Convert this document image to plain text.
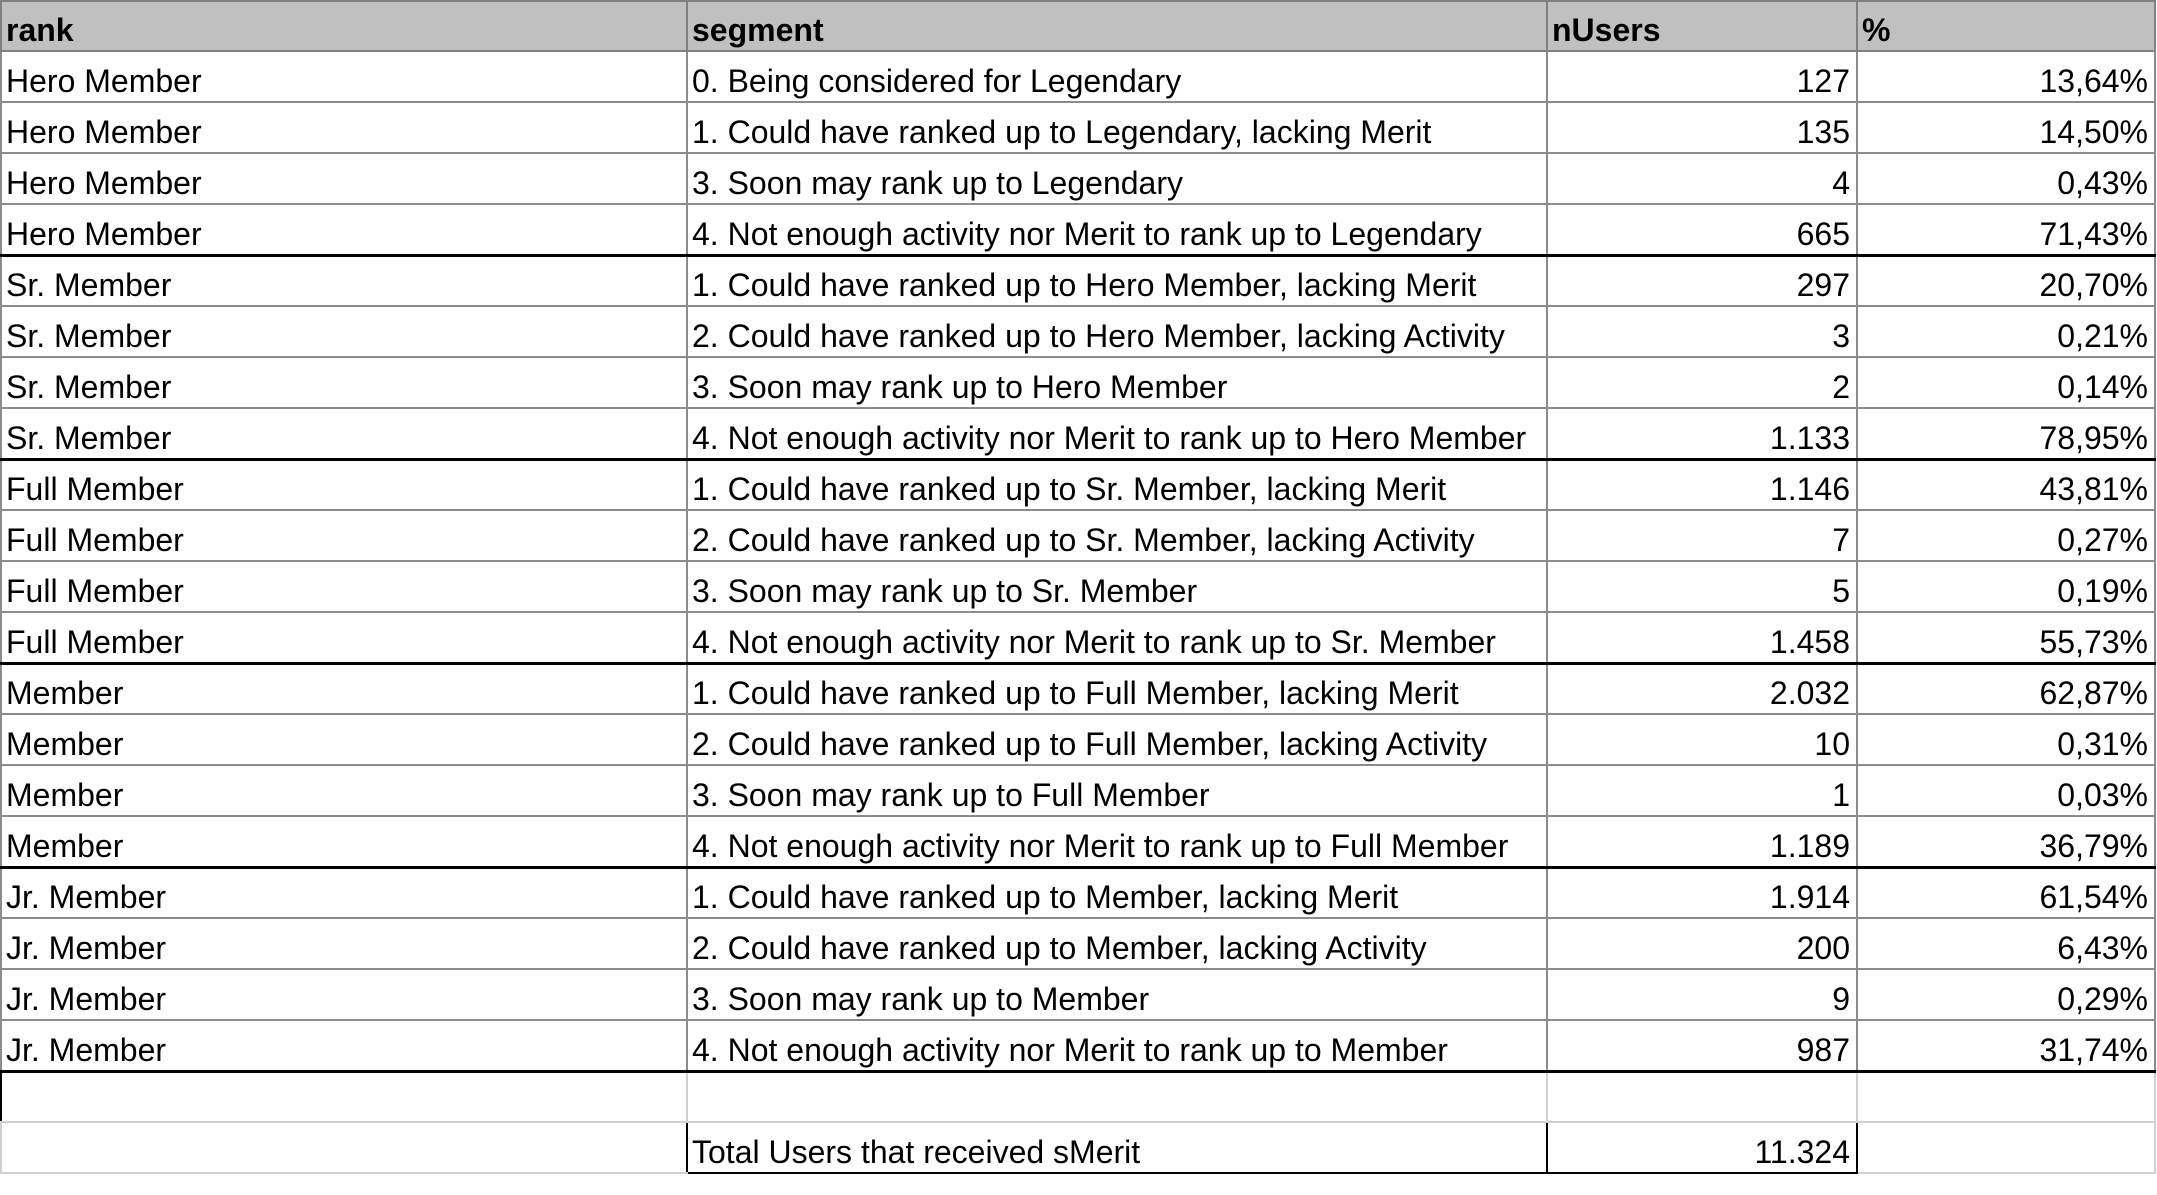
rank	segment	nUsers	%
Hero Member	0. Being considered for Legendary	127	13,64%
Hero Member	1. Could have ranked up to Legendary, lacking Merit	135	14,50%
Hero Member	3. Soon may rank up to Legendary	4	0,43%
Hero Member	4. Not enough activity nor Merit to rank up to Legendary	665	71,43%
Sr. Member	1. Could have ranked up to Hero Member, lacking Merit	297	20,70%
Sr. Member	2. Could have ranked up to Hero Member, lacking Activity	3	0,21%
Sr. Member	3. Soon may rank up to Hero Member	2	0,14%
Sr. Member	4. Not enough activity nor Merit to rank up to Hero Member	1.133	78,95%
Full Member	1. Could have ranked up to Sr. Member, lacking Merit	1.146	43,81%
Full Member	2. Could have ranked up to Sr. Member, lacking Activity	7	0,27%
Full Member	3. Soon may rank up to Sr. Member	5	0,19%
Full Member	4. Not enough activity nor Merit to rank up to Sr. Member	1.458	55,73%
Member	1. Could have ranked up to Full Member, lacking Merit	2.032	62,87%
Member	2. Could have ranked up to Full Member, lacking Activity	10	0,31%
Member	3. Soon may rank up to Full Member	1	0,03%
Member	4. Not enough activity nor Merit to rank up to Full Member	1.189	36,79%
Jr. Member	1. Could have ranked up to Member, lacking Merit	1.914	61,54%
Jr. Member	2. Could have ranked up to Member, lacking Activity	200	6,43%
Jr. Member	3. Soon may rank up to Member	9	0,29%
Jr. Member	4. Not enough activity nor Merit to rank up to Member	987	31,74%

	Total Users that received sMerit	11.324	
